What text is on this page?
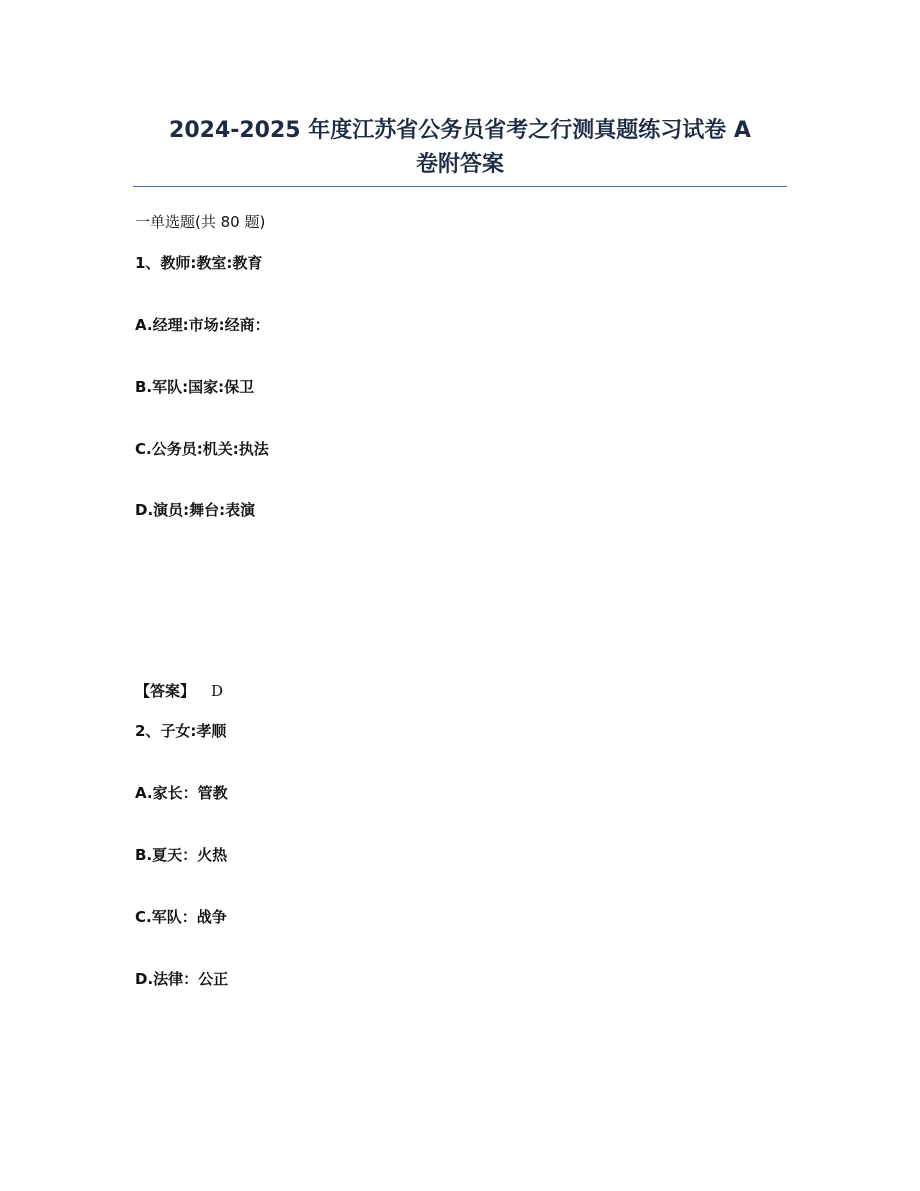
2024-2025 年度江苏省公务员省考之行测真题练习试卷 A
卷附答案
一单选题(共 80 题)
1、教师:教室:教育
A.经理:市场:经商：
B.军队:国家:保卫
C.公务员:机关:执法
D.演员:舞台:表演
【答案】 D
2、子女:孝顺
A.家长：管教
B.夏天：火热
C.军队：战争
D.法律：公正
